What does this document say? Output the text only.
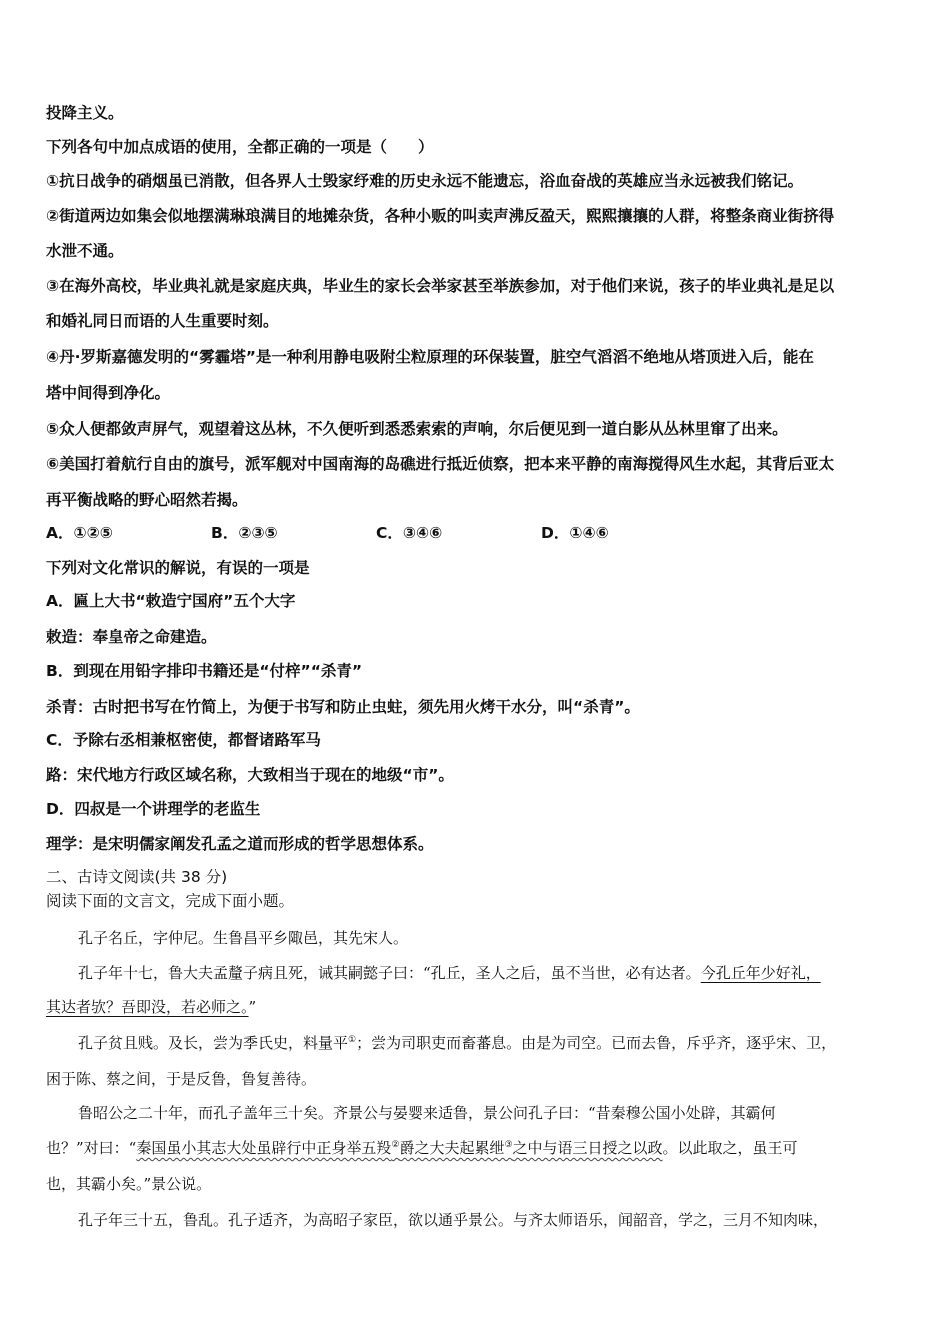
投降主义。
下列各句中加点成语的使用，全都正确的一项是（　　）
①抗日战争的硝烟虽已消散，但各界人士毁家纾难的历史永远不能遗忘，浴血奋战的英雄应当永远被我们铭记。
②街道两边如集会似地摆满琳琅满目的地摊杂货，各种小贩的叫卖声沸反盈天，熙熙攘攘的人群，将整条商业街挤得
水泄不通。
③在海外高校，毕业典礼就是家庭庆典，毕业生的家长会举家甚至举族参加，对于他们来说，孩子的毕业典礼是足以
和婚礼同日而语的人生重要时刻。
④丹·罗斯嘉德发明的“雾霾塔”是一种利用静电吸附尘粒原理的环保装置，脏空气滔滔不绝地从塔顶进入后，能在
塔中间得到净化。
⑤众人便都敛声屏气，观望着这丛林，不久便听到悉悉索索的声响，尔后便见到一道白影从丛林里窜了出来。
⑥美国打着航行自由的旗号，派军舰对中国南海的岛礁进行抵近侦察，把本来平静的南海搅得风生水起，其背后亚太
再平衡战略的野心昭然若揭。
A．①②⑤	B．②③⑤	C．③④⑥	D．①④⑥
下列对文化常识的解说，有误的一项是
A．匾上大书“敕造宁国府”五个大字
敕造：奉皇帝之命建造。
B．到现在用铅字排印书籍还是“付梓”“杀青”
杀青：古时把书写在竹简上，为便于书写和防止虫蛀，须先用火烤干水分，叫“杀青”。
C．予除右丞相兼枢密使，都督诸路军马
路：宋代地方行政区域名称，大致相当于现在的地级“市”。
D．四叔是一个讲理学的老监生
理学：是宋明儒家阐发孔孟之道而形成的哲学思想体系。
二、古诗文阅读(共 38 分)
阅读下面的文言文，完成下面小题。
孔子名丘，字仲尼。生鲁昌平乡陬邑，其先宋人。
孔子年十七，鲁大夫孟釐子病且死，诫其嗣懿子曰：“孔丘，圣人之后，虽不当世，必有达者。今孔丘年少好礼，
其达者欤？吾即没，若必师之。”
孔子贫且贱。及长，尝为季氏史，料量平①；尝为司职吏而畜蕃息。由是为司空。已而去鲁，斥乎齐，逐乎宋、卫，
困于陈、蔡之间，于是反鲁，鲁复善待。
鲁昭公之二十年，而孔子盖年三十矣。齐景公与晏婴来适鲁，景公问孔子曰：“昔秦穆公国小处辟，其霸何
也？”对曰：“秦国虽小其志大处虽辟行中正身举五羖②爵之大夫起累绁③之中与语三日授之以政。以此取之，虽王可
也，其霸小矣。”景公说。
孔子年三十五，鲁乱。孔子适齐，为高昭子家臣，欲以通乎景公。与齐太师语乐，闻韶音，学之，三月不知肉味，
